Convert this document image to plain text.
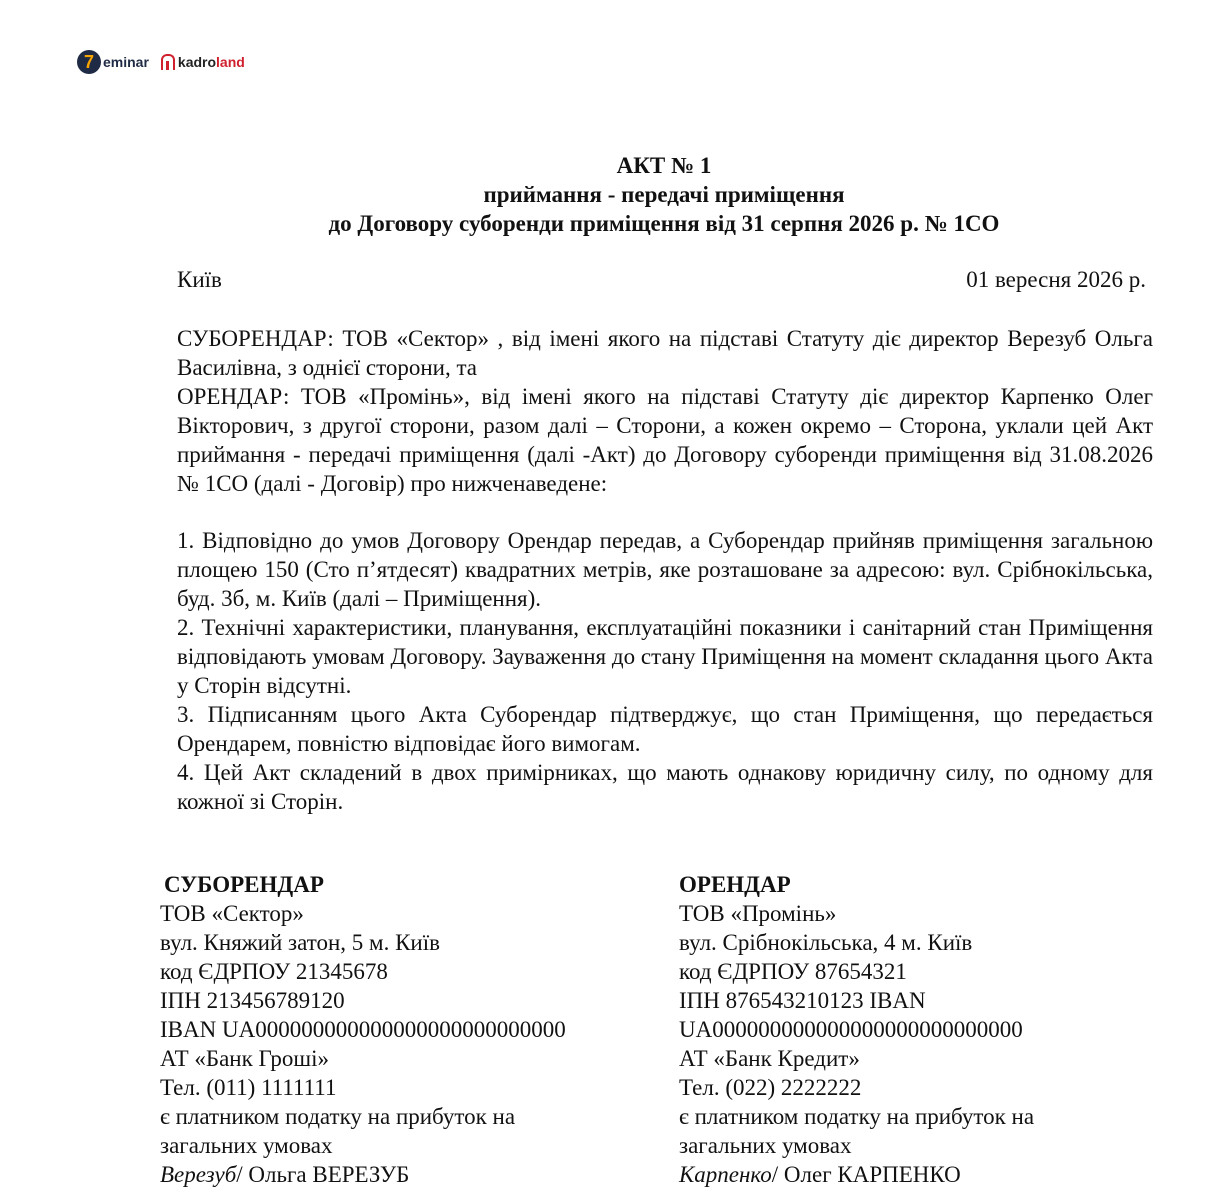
7 eminar kadroland
АКТ № 1
приймання - передачі приміщення
до Договору суборенди приміщення від 31 серпня 2026 р. № 1СО
Київ	01 вересня 2026 р.

СУБОРЕНДАР: ТОВ «Сектор» , від імені якого на підставі Статуту діє директор Верезуб Ольга Василівна, з однієї сторони, та

ОРЕНДАР: ТОВ «Промінь», від імені якого на підставі Статуту діє директор Карпенко Олег Вікторович, з другої сторони, разом далі – Сторони, а кожен окремо – Сторона, уклали цей Акт приймання - передачі приміщення (далі -Акт) до Договору суборенди приміщення від 31.08.2026 № 1СО (далі - Договір) про нижченаведене:

1. Відповідно до умов Договору Орендар передав, а Суборендар прийняв приміщення загальною площею 150 (Сто п’ятдесят) квадратних метрів, яке розташоване за адресою: вул. Срібнокільська, буд. 3б, м. Київ (далі – Приміщення).

2. Технічні характеристики, планування, експлуатаційні показники і санітарний стан Приміщення відповідають умовам Договору. Зауваження до стану Приміщення на момент складання цього Акта у Сторін відсутні.

3. Підписанням цього Акта Суборендар підтверджує, що стан Приміщення, що передається Орендарем, повністю відповідає його вимогам.

4. Цей Акт складений в двох примірниках, що мають однакову юридичну силу, по одному для кожної зі Сторін.

СУБОРЕНДАР
ТОВ «Сектор»
вул. Княжий затон, 5 м. Київ
код ЄДРПОУ 21345678
ІПН 213456789120
IBAN UA000000000000000000000000000
АТ «Банк Гроші»
Тел. (011) 1111111
є платником податку на прибуток на
загальних умовах
Верезуб/ Ольга ВЕРЕЗУБ
ОРЕНДАР
ТОВ «Промінь»
вул. Срібнокільська, 4 м. Київ
код ЄДРПОУ 87654321
ІПН 876543210123 IBAN
UA000000000000000000000000000
АТ «Банк Кредит»
Тел. (022) 2222222
є платником податку на прибуток на
загальних умовах
Карпенко/ Олег КАРПЕНКО
